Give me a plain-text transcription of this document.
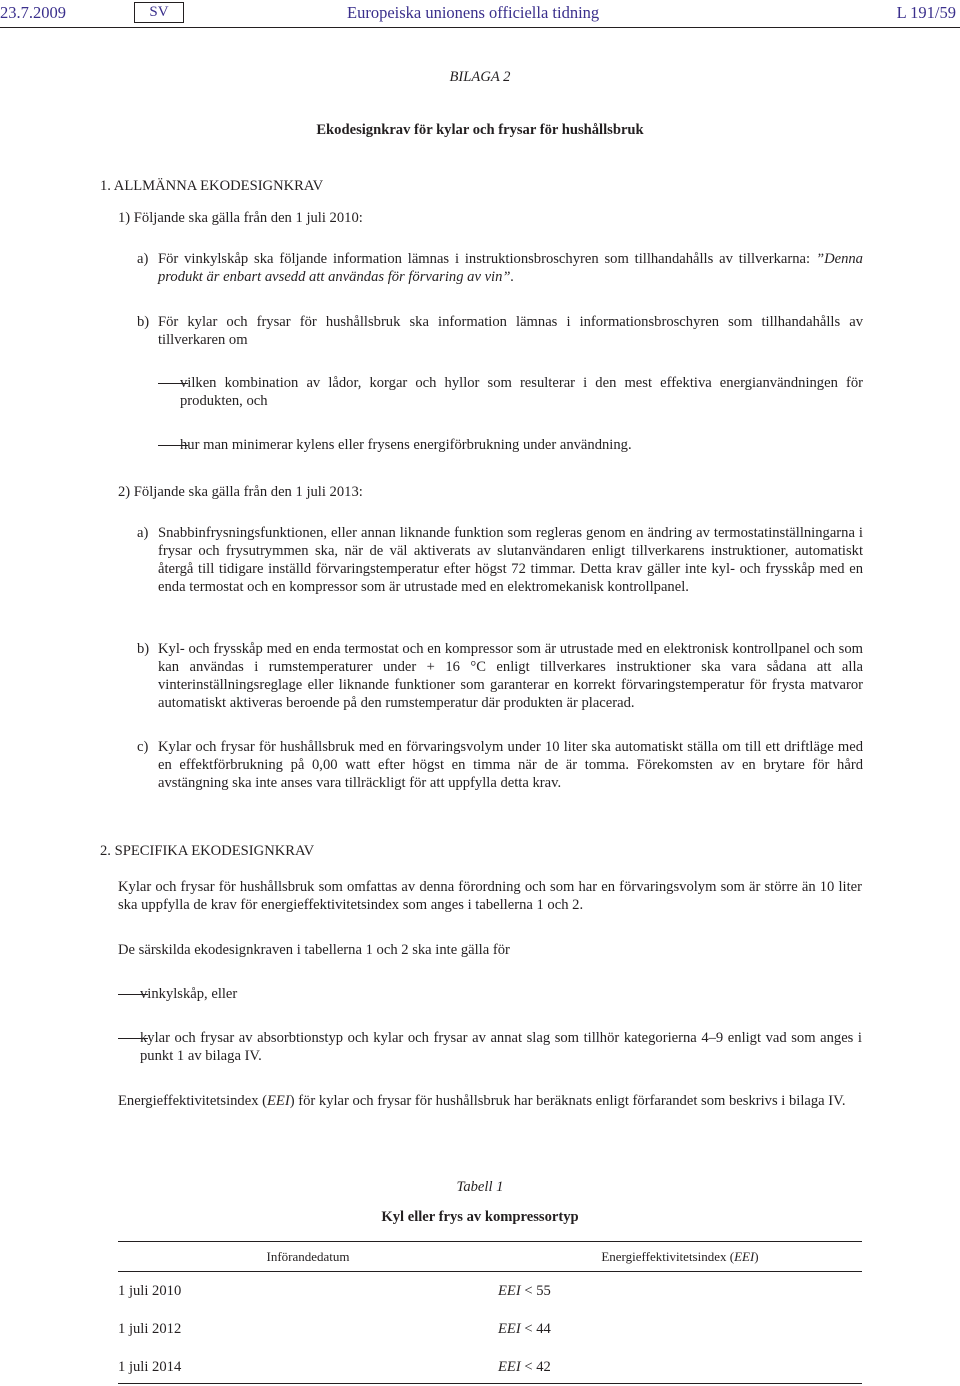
23.7.2009	SV	Europeiska unionens officiella tidning	L 191/59
BILAGA 2
Ekodesignkrav för kylar och frysar för hushållsbruk
1. ALLMÄNNA EKODESIGNKRAV
1) Följande ska gälla från den 1 juli 2010:
a) För vinkylskåp ska följande information lämnas i instruktionsbroschyren som tillhandahålls av tillverkarna: ”Denna produkt är enbart avsedd att användas för förvaring av vin”.
b) För kylar och frysar för hushållsbruk ska information lämnas i informationsbroschyren som tillhandahålls av tillverkaren om
vilken kombination av lådor, korgar och hyllor som resulterar i den mest effektiva energianvändningen för produkten, och
hur man minimerar kylens eller frysens energiförbrukning under användning.
2) Följande ska gälla från den 1 juli 2013:
a) Snabbinfrysningsfunktionen, eller annan liknande funktion som regleras genom en ändring av termostatinställningarna i frysar och frysutrymmen ska, när de väl aktiverats av slutanvändaren enligt tillverkarens instruktioner, automatiskt återgå till tidigare inställd förvaringstemperatur efter högst 72 timmar. Detta krav gäller inte kyl- och frysskåp med en enda termostat och en kompressor som är utrustade med en elektromekanisk kontrollpanel.
b) Kyl- och frysskåp med en enda termostat och en kompressor som är utrustade med en elektronisk kontrollpanel och som kan användas i rumstemperaturer under + 16 °C enligt tillverkares instruktioner ska vara sådana att alla vinterinställningsreglage eller liknande funktioner som garanterar en korrekt förvaringstemperatur för frysta matvaror automatiskt aktiveras beroende på den rumstemperatur där produkten är placerad.
c) Kylar och frysar för hushållsbruk med en förvaringsvolym under 10 liter ska automatiskt ställa om till ett driftläge med en effektförbrukning på 0,00 watt efter högst en timma när de är tomma. Förekomsten av en brytare för hård avstängning ska inte anses vara tillräckligt för att uppfylla detta krav.
2. SPECIFIKA EKODESIGNKRAV
Kylar och frysar för hushållsbruk som omfattas av denna förordning och som har en förvaringsvolym som är större än 10 liter ska uppfylla de krav för energieffektivitetsindex som anges i tabellerna 1 och 2.
De särskilda ekodesignkraven i tabellerna 1 och 2 ska inte gälla för
vinkylskåp, eller
kylar och frysar av absorbtionstyp och kylar och frysar av annat slag som tillhör kategorierna 4–9 enligt vad som anges i punkt 1 av bilaga IV.
Energieffektivitetsindex (EEI) för kylar och frysar för hushållsbruk har beräknats enligt förfarandet som beskrivs i bilaga IV.
Tabell 1
Kyl eller frys av kompressortyp
Införandedatum	Energieffektivitetsindex (EEI)
1 juli 2010	EEI < 55
1 juli 2012	EEI < 44
1 juli 2014	EEI < 42
